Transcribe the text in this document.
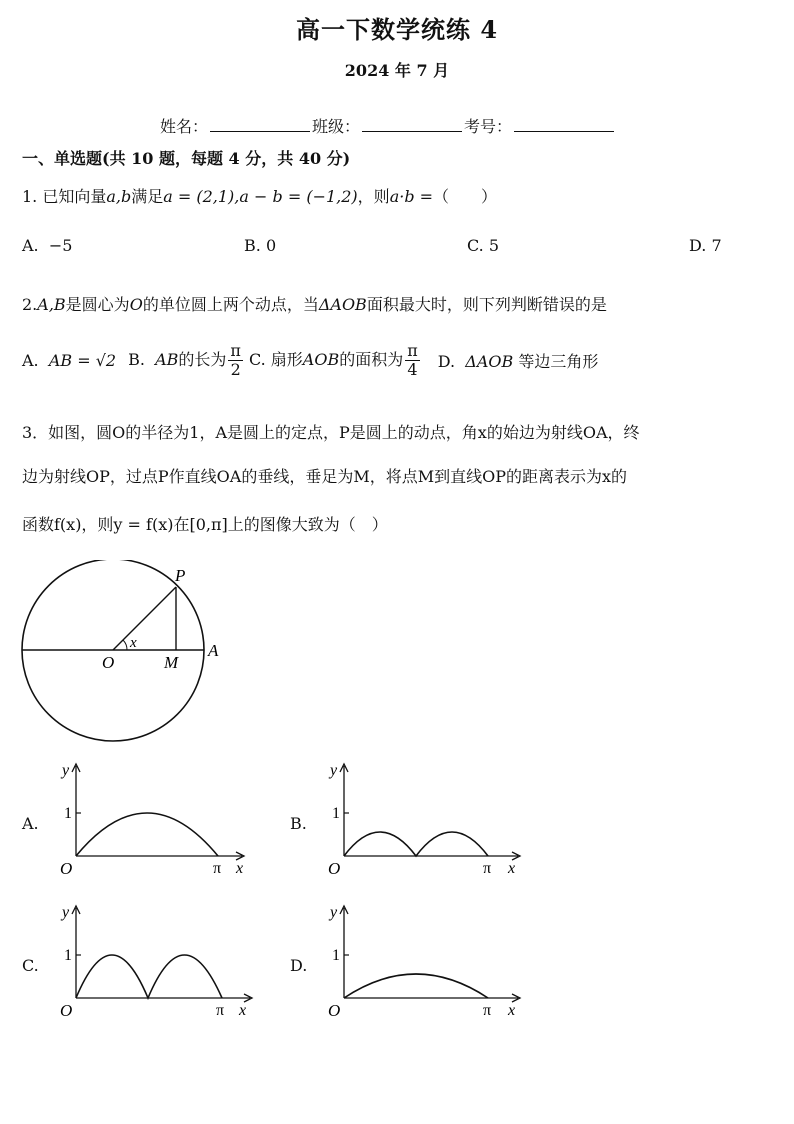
高一下数学统练 4
2024 年 7 月
姓名：	班级：	考号：
一、单选题(共 10 题，每题 4 分，共 40 分)
1. 已知向量a,b满足a = (2,1),a − b = (−1,2)，则a·b =（　　）
A. −5	B. 0	C. 5	D. 7
2.A,B是圆心为O的单位圆上两个动点，当ΔAOB面积最大时，则下列判断错误的是
A. AB = √2 B. AB的长为 $\frac{\pi}{2} C$. 扇形AOB的面积为 $\frac{\pi}{4} D$. ΔAOB 等边三角形
3．如图，圆O的半径为1，A是圆上的定点，P是圆上的动点，角x的始边为射线OA，终
边为射线OP，过点P作直线OA的垂线，垂足为M，将点M到直线OP的距离表示为x的
函数f(x)，则y = f(x)在[0,π]上的图像大致为（　）
P
x
O	M
A
A.
y
1
O	π x
B.
y
1
O	π x
C.
y
1
O	π x
D.
y
1
O	π x
